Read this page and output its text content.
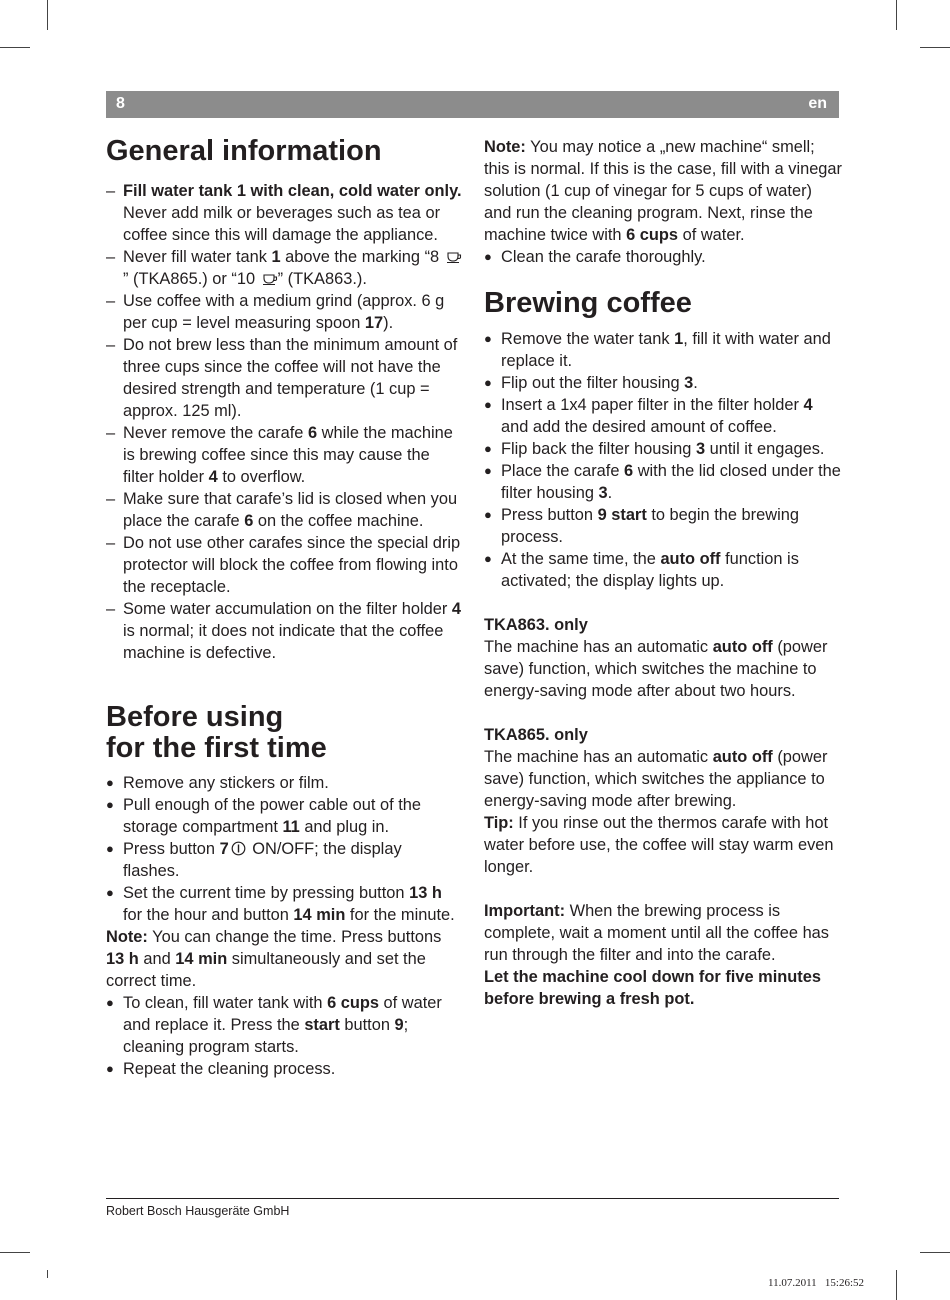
8	en
General information
– Fill water tank 1 with clean, cold water only. Never add milk or beverages such as tea or coffee since this will damage the appliance.
– Never fill water tank 1 above the marking “8
” (TKA865.) or “10
” (TKA863.).
– Use coffee with a medium grind (approx. 6 g per cup = level measuring spoon 17).
– Do not brew less than the minimum amount of three cups since the coffee will not have the desired strength and temperature (1 cup = approx. 125 ml).
– Never remove the carafe 6 while the machine is brewing coffee since this may cause the filter holder 4 to overflow.
– Make sure that carafe’s lid is closed when you place the carafe 6 on the coffee machine.
– Do not use other carafes since the special drip protector will block the coffee from flowing into the receptacle.
– Some water accumulation on the filter holder 4 is normal; it does not indicate that the coffee machine is defective.
Before using
for the first time
● Remove any stickers or film.
● Pull enough of the power cable out of the storage compartment 11 and plug in.
● Press button 7
ON/OFF; the display flashes.
● Set the current time by pressing button 13 h for the hour and button 14 min for the minute.

Note: You can change the time. Press buttons 13 h and 14 min simultaneously and set the correct time.

● To clean, fill water tank with 6 cups of water and replace it. Press the start button 9; cleaning program starts.
● Repeat the cleaning process.

Note: You may notice a „new machine“ smell; this is normal. If this is the case, fill with a vinegar solution (1 cup of vinegar for 5 cups of water) and run the cleaning program. Next, rinse the machine twice with 6 cups of water.

● Clean the carafe thoroughly.
Brewing coffee
● Remove the water tank 1, fill it with water and replace it.
● Flip out the filter housing 3.
● Insert a 1x4 paper filter in the filter holder 4 and add the desired amount of coffee.
● Flip back the filter housing 3 until it engages.
● Place the carafe 6 with the lid closed under the filter housing 3.
● Press button 9 start to begin the brewing process.
● At the same time, the auto off function is activated; the display lights up.

TKA863. only

The machine has an automatic auto off (power save) function, which switches the machine to energy-saving mode after about two hours.

TKA865. only

The machine has an automatic auto off (power save) function, which switches the appliance to energy-saving mode after brewing.

Tip: If you rinse out the thermos carafe with hot water before use, the coffee will stay warm even longer.

Important: When the brewing process is complete, wait a moment until all the coffee has run through the filter and into the carafe.

Let the machine cool down for five minutes before brewing a fresh pot.

Robert Bosch Hausgeräte GmbH
11.07.2011   15:26:52
